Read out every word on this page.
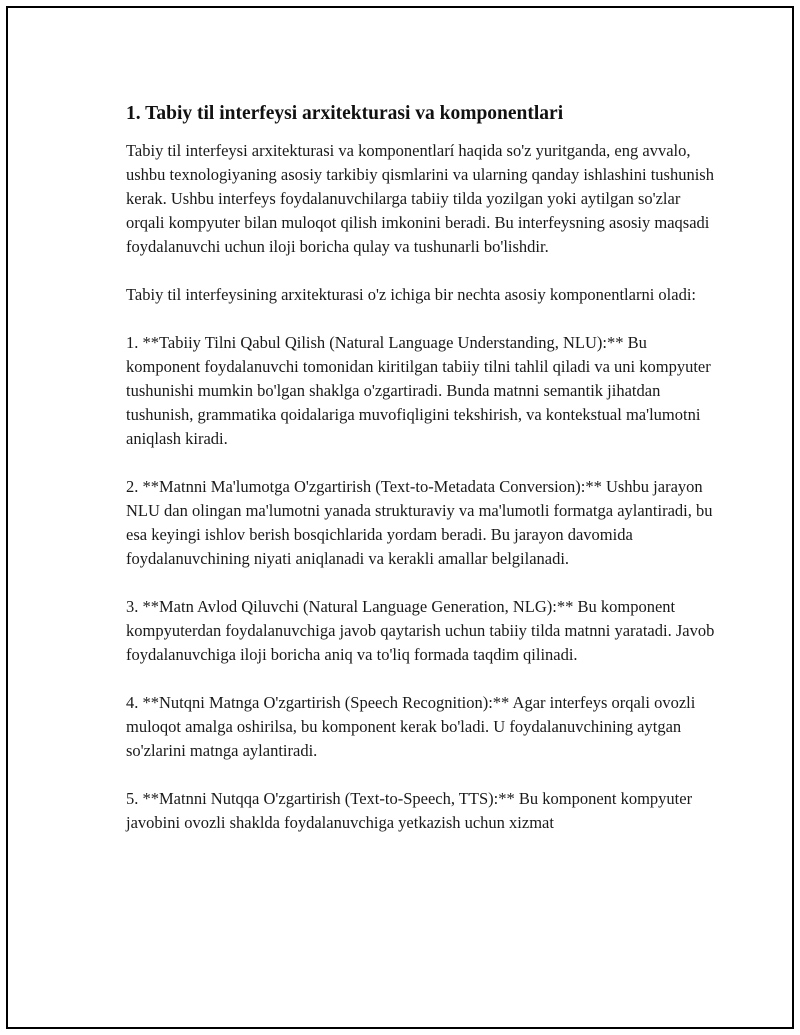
1. Tabiy til interfeysi arxitekturasi va komponentlari

Tabiy til interfeysi arxitekturasi va komponentlarí haqida so'z yuritganda, eng avvalo, ushbu texnologiyaning asosiy tarkibiy qismlarini va ularning qanday ishlashini tushunish kerak. Ushbu interfeys foydalanuvchilarga tabiiy tilda yozilgan yoki aytilgan so'zlar orqali kompyuter bilan muloqot qilish imkonini beradi. Bu interfeysning asosiy maqsadi foydalanuvchi uchun iloji boricha qulay va tushunarli bo'lishdir.

Tabiy til interfeysining arxitekturasi o'z ichiga bir nechta asosiy komponentlarni oladi:

1. **Tabiiy Tilni Qabul Qilish (Natural Language Understanding, NLU):** Bu komponent foydalanuvchi tomonidan kiritilgan tabiiy tilni tahlil qiladi va uni kompyuter tushunishi mumkin bo'lgan shaklga o'zgartiradi. Bunda matnni semantik jihatdan tushunish, grammatika qoidalariga muvofiqligini tekshirish, va kontekstual ma'lumotni aniqlash kiradi.

2. **Matnni Ma'lumotga O'zgartirish (Text-to-Metadata Conversion):** Ushbu jarayon NLU dan olingan ma'lumotni yanada strukturaviy va ma'lumotli formatga aylantiradi, bu esa keyingi ishlov berish bosqichlarida yordam beradi. Bu jarayon davomida foydalanuvchining niyati aniqlanadi va kerakli amallar belgilanadi.

3. **Matn Avlod Qiluvchi (Natural Language Generation, NLG):** Bu komponent kompyuterdan foydalanuvchiga javob qaytarish uchun tabiiy tilda matnni yaratadi. Javob foydalanuvchiga iloji boricha aniq va to'liq formada taqdim qilinadi.

4. **Nutqni Matnga O'zgartirish (Speech Recognition):** Agar interfeys orqali ovozli muloqot amalga oshirilsa, bu komponent kerak bo'ladi. U foydalanuvchining aytgan so'zlarini matnga aylantiradi.

5. **Matnni Nutqqa O'zgartirish (Text-to-Speech, TTS):** Bu komponent kompyuter javobini ovozli shaklda foydalanuvchiga yetkazish uchun xizmat
